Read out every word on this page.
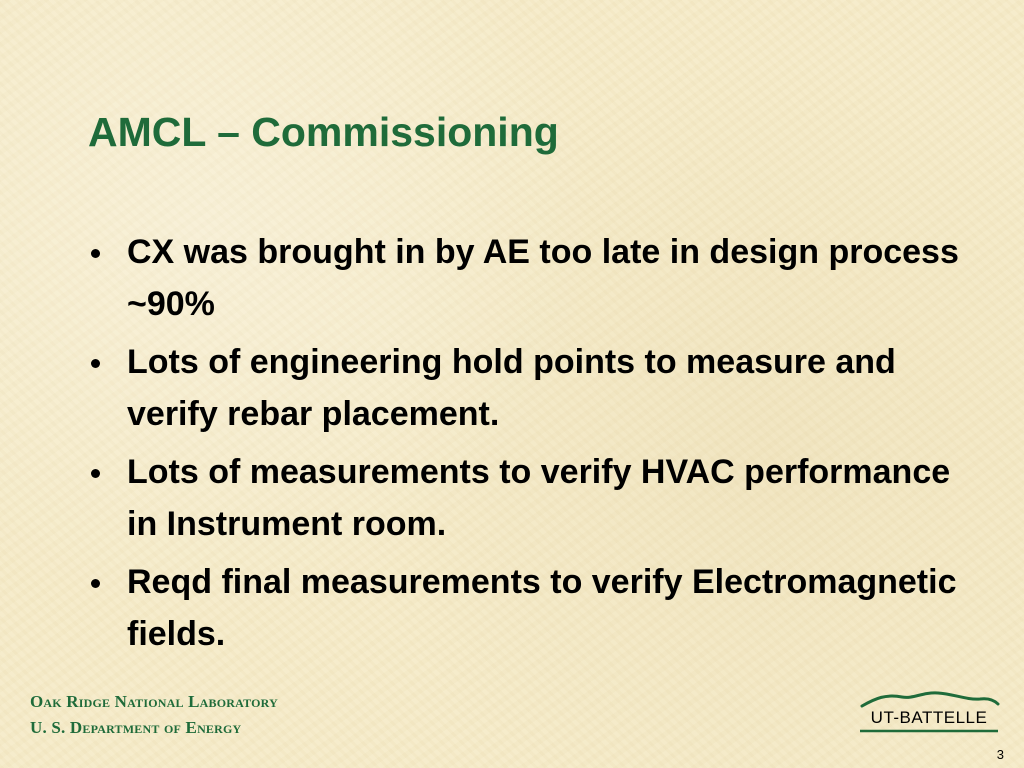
AMCL – Commissioning
CX was brought in by AE too late in design process ~90%
Lots of engineering hold points to measure and verify rebar placement.
Lots of measurements to verify HVAC performance in Instrument room.
Reqd final measurements to verify Electromagnetic fields.
Oak Ridge National Laboratory
U. S. Department of Energy
UT-BATTELLE
3
